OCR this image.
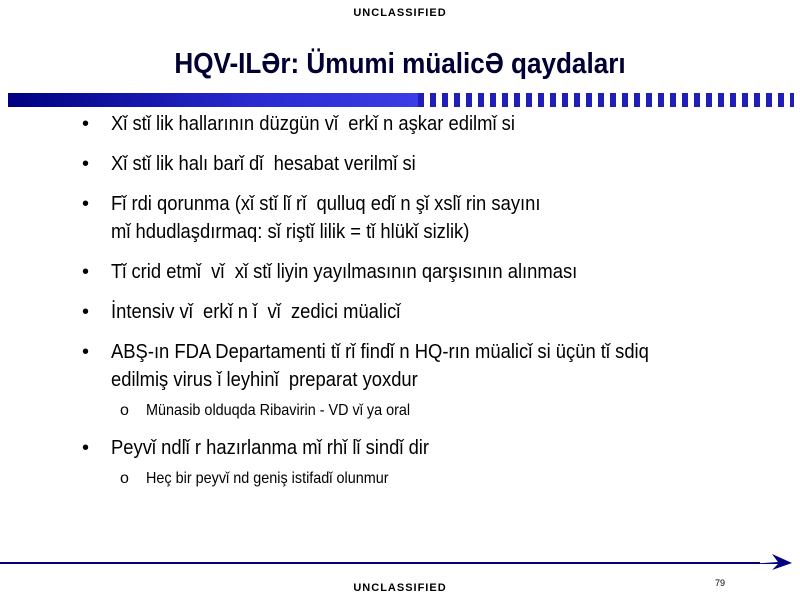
UNCLASSIFIED
HQV-ILƏr: Ümumi müalicƏ qaydaları
• Xǐ stǐ lik hallarının düzgün vǐ  erkǐ n aşkar edilmǐ si
• Xǐ stǐ lik halı barǐ dǐ  hesabat verilmǐ si
• Fǐ rdi qorunma (xǐ stǐ lǐ rǐ  qulluq edǐ n şǐ xslǐ rin sayını
mǐ hdudlaşdırmaq: sǐ riştǐ lilik = tǐ hlükǐ sizlik)
• Tǐ crid etmǐ  vǐ  xǐ stǐ liyin yayılmasının qarşısının alınması
• İntensiv vǐ  erkǐ n ǐ  vǐ  zedici müalicǐ
• ABŞ-ın FDA Departamenti tǐ rǐ findǐ n HQ-rın müalicǐ si üçün tǐ sdiq
edilmiş virus ǐ leyhinǐ  preparat yoxdur
o Münasib olduqda Ribavirin - VD vǐ ya oral
• Peyvǐ ndlǐ r hazırlanma mǐ rhǐ lǐ sindǐ dir
o Heç bir peyvǐ nd geniş istifadǐ olunmur
79
UNCLASSIFIED
